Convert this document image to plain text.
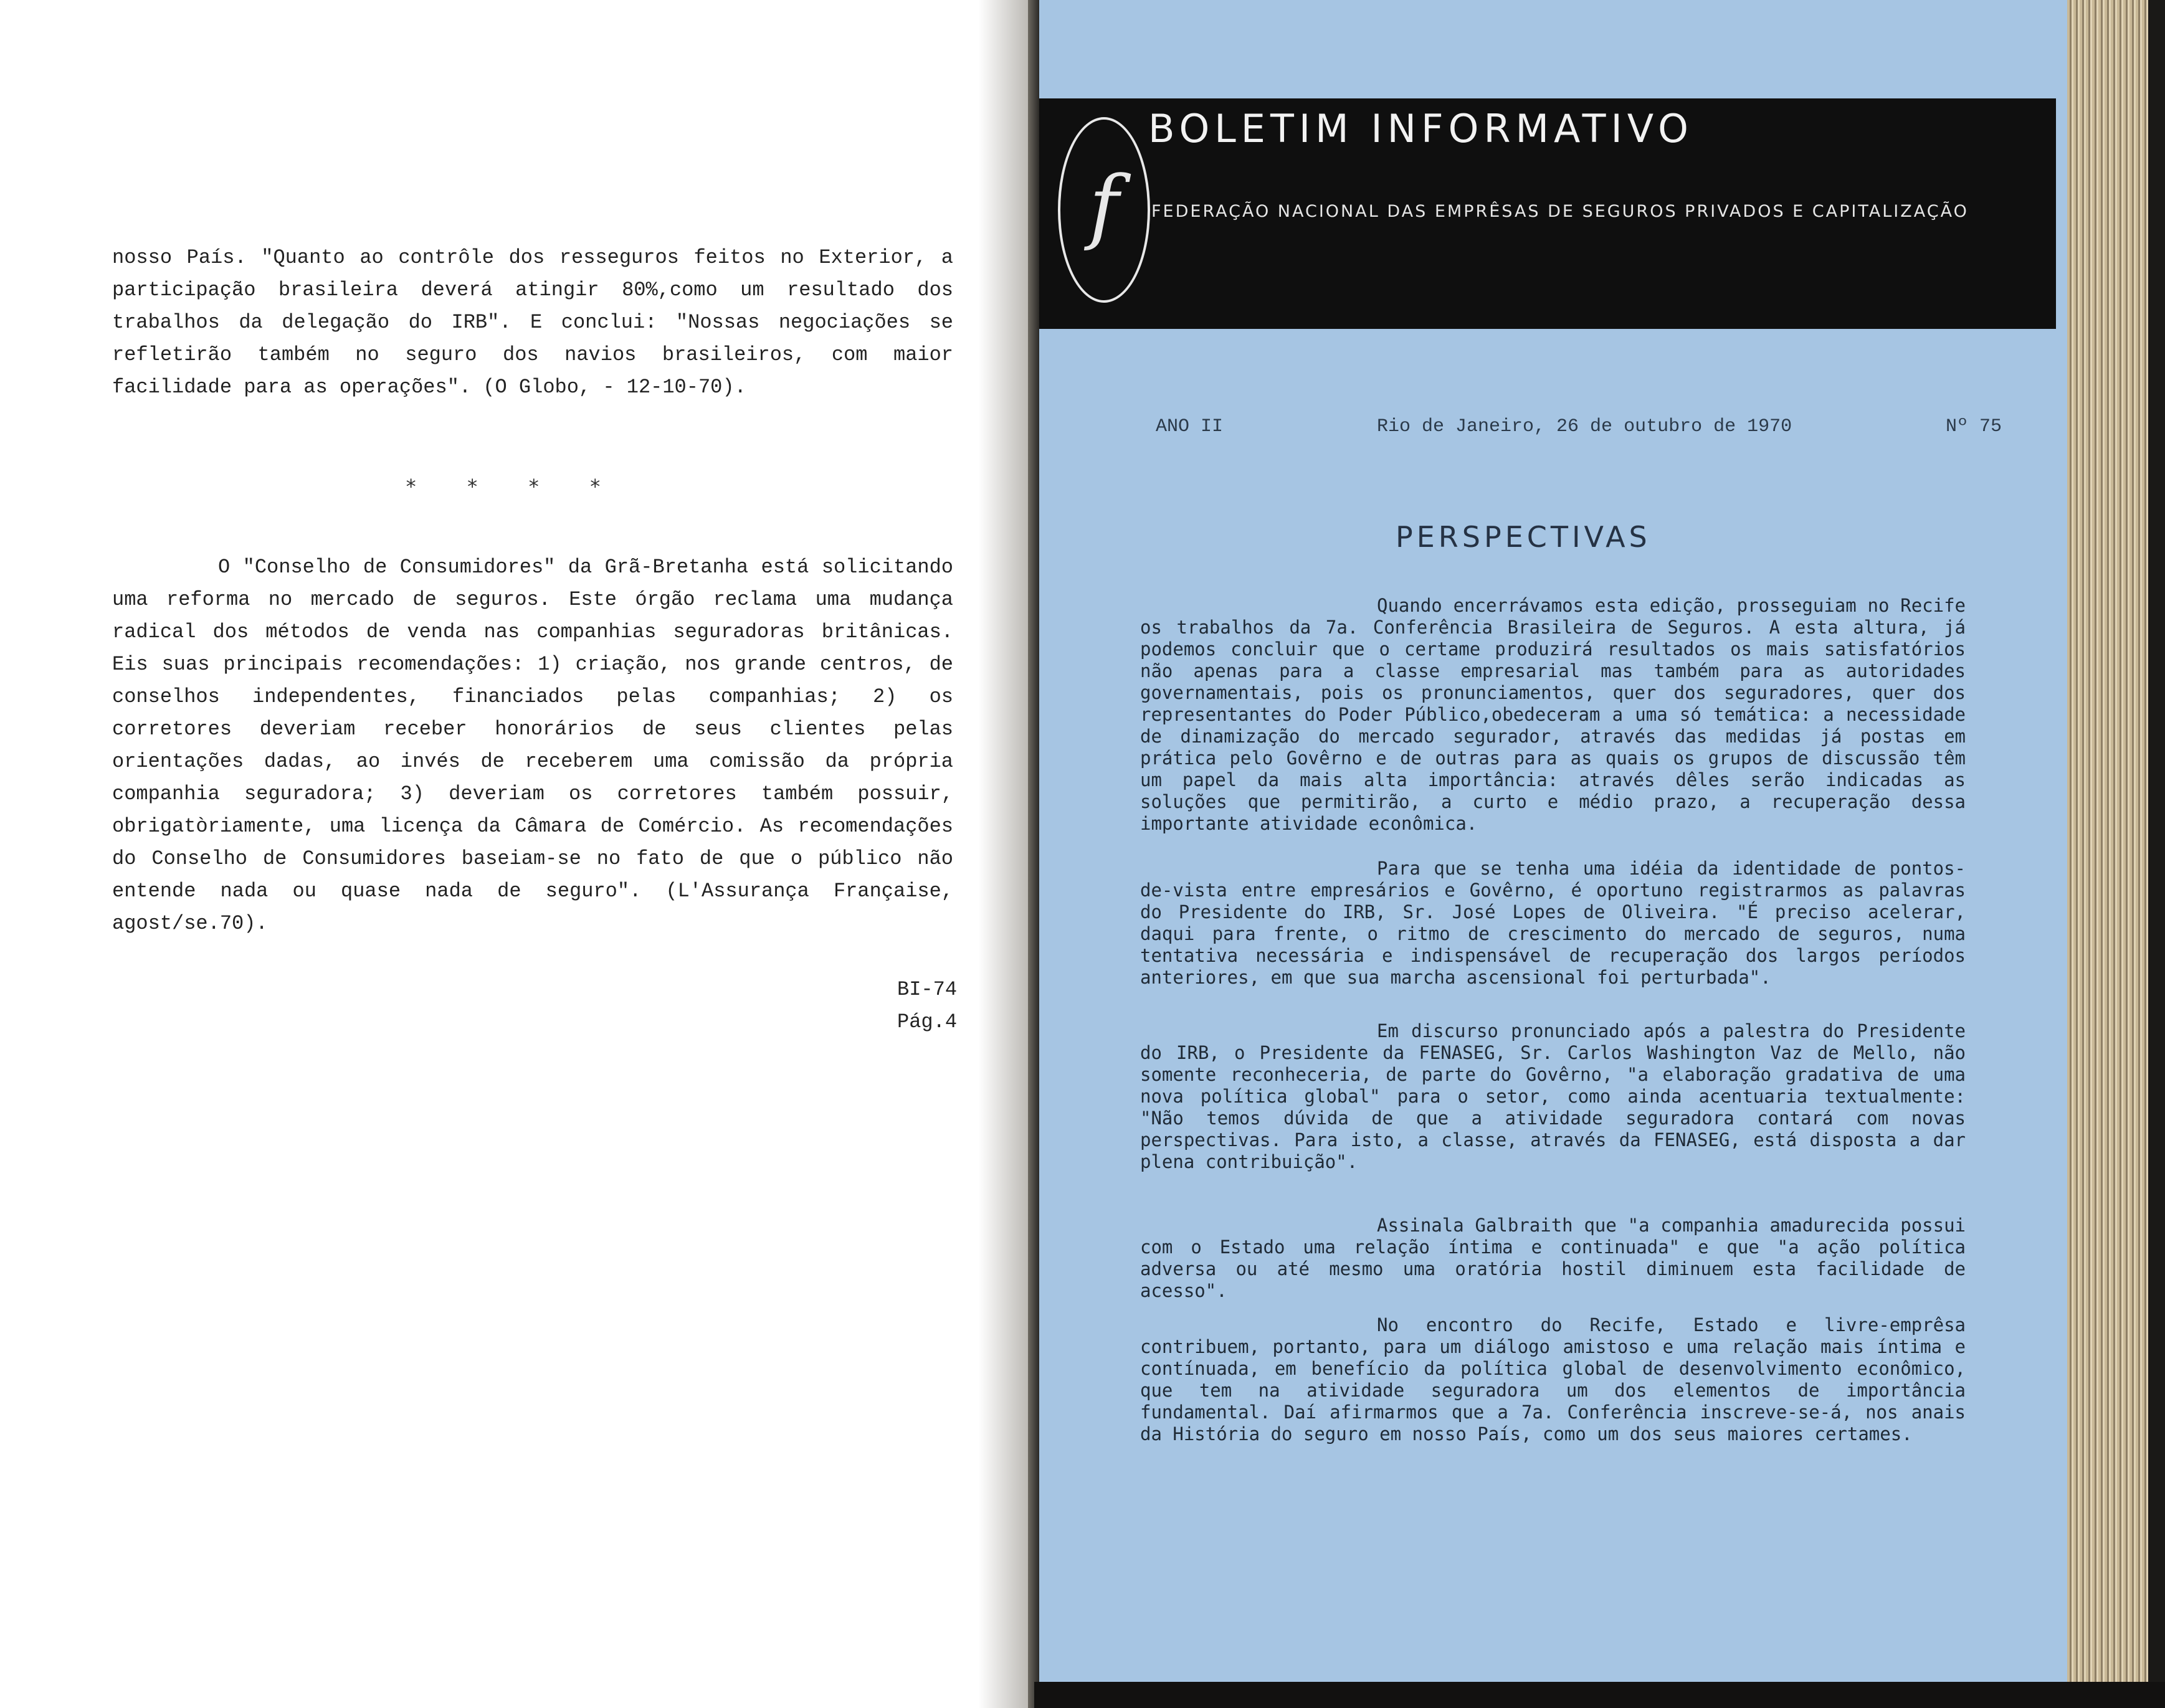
nosso País. "Quanto ao contrôle dos resseguros feitos no Exterior, a participação brasileira deverá atingir 80%,como um resultado dos trabalhos da delegação do IRB". E conclui: "Nossas negociações se refletirão também no seguro dos navios brasileiros, com maior facilidade para as operações". (O Globo, - 12-10-70).

* * * *

O "Conselho de Consumidores" da Grã-Bretanha está solicitando uma reforma no mercado de seguros. Este órgão reclama uma mudança radical dos métodos de venda nas companhias seguradoras britânicas. Eis suas principais recomendações: 1) criação, nos grande centros, de conselhos independentes, financiados pelas companhias; 2) os corretores deveriam receber honorários de seus clientes pelas orientações dadas, ao invés de receberem uma comissão da própria companhia seguradora; 3) deveriam os corretores também possuir, obrigatòriamente, uma licença da Câmara de Comércio. As recomendações do Conselho de Consumidores baseiam-se no fato de que o público não entende nada ou quase nada de seguro". (L'Assurança Française, agost/se.70).

BI-74

Pág.4

f

BOLETIM INFORMATIVO

FEDERAÇÃO NACIONAL DAS EMPRÊSAS DE SEGUROS PRIVADOS E CAPITALIZAÇÃO

ANO II	Rio de Janeiro, 26 de outubro de 1970	Nº 75

PERSPECTIVAS

Quando encerrávamos esta edição, prosseguiam no Recife os trabalhos da 7a. Conferência Brasileira de Seguros. A esta altura, já podemos concluir que o certame produzirá resultados os mais satisfatórios não apenas para a classe empresarial mas também para as autoridades governamentais, pois os pronunciamentos, quer dos seguradores, quer dos representantes do Poder Público,obedeceram a uma só temática: a necessidade de dinamização do mercado segurador, através das medidas já postas em prática pelo Govêrno e de outras para as quais os grupos de discussão têm um papel da mais alta importância: através dêles serão indicadas as soluções que permitirão, a curto e médio prazo, a recuperação dessa importante atividade econômica.

Para que se tenha uma idéia da identidade de pontos-de-vista entre empresários e Govêrno, é oportuno registrarmos as palavras do Presidente do IRB, Sr. José Lopes de Oliveira. "É preciso acelerar, daqui para frente, o ritmo de crescimento do mercado de seguros, numa tentativa necessária e indispensável de recuperação dos largos períodos anteriores, em que sua marcha ascensional foi perturbada".

Em discurso pronunciado após a palestra do Presidente do IRB, o Presidente da FENASEG, Sr. Carlos Washington Vaz de Mello, não somente reconheceria, de parte do Govêrno, "a elaboração gradativa de uma nova política global" para o setor, como ainda acentuaria textualmente: "Não temos dúvida de que a atividade seguradora contará com novas perspectivas. Para isto, a classe, através da FENASEG, está disposta a dar plena contribuição".

Assinala Galbraith que "a companhia amadurecida possui com o Estado uma relação íntima e continuada" e que "a ação política adversa ou até mesmo uma oratória hostil diminuem esta facilidade de acesso".

No encontro do Recife, Estado e livre-emprêsa contribuem, portanto, para um diálogo amistoso e uma relação mais íntima e contínuada, em benefício da política global de desenvolvimento econômico, que tem na atividade seguradora um dos elementos de importância fundamental. Daí afirmarmos que a 7a. Conferência inscreve-se-á, nos anais da História do seguro em nosso País, como um dos seus maiores certames.
